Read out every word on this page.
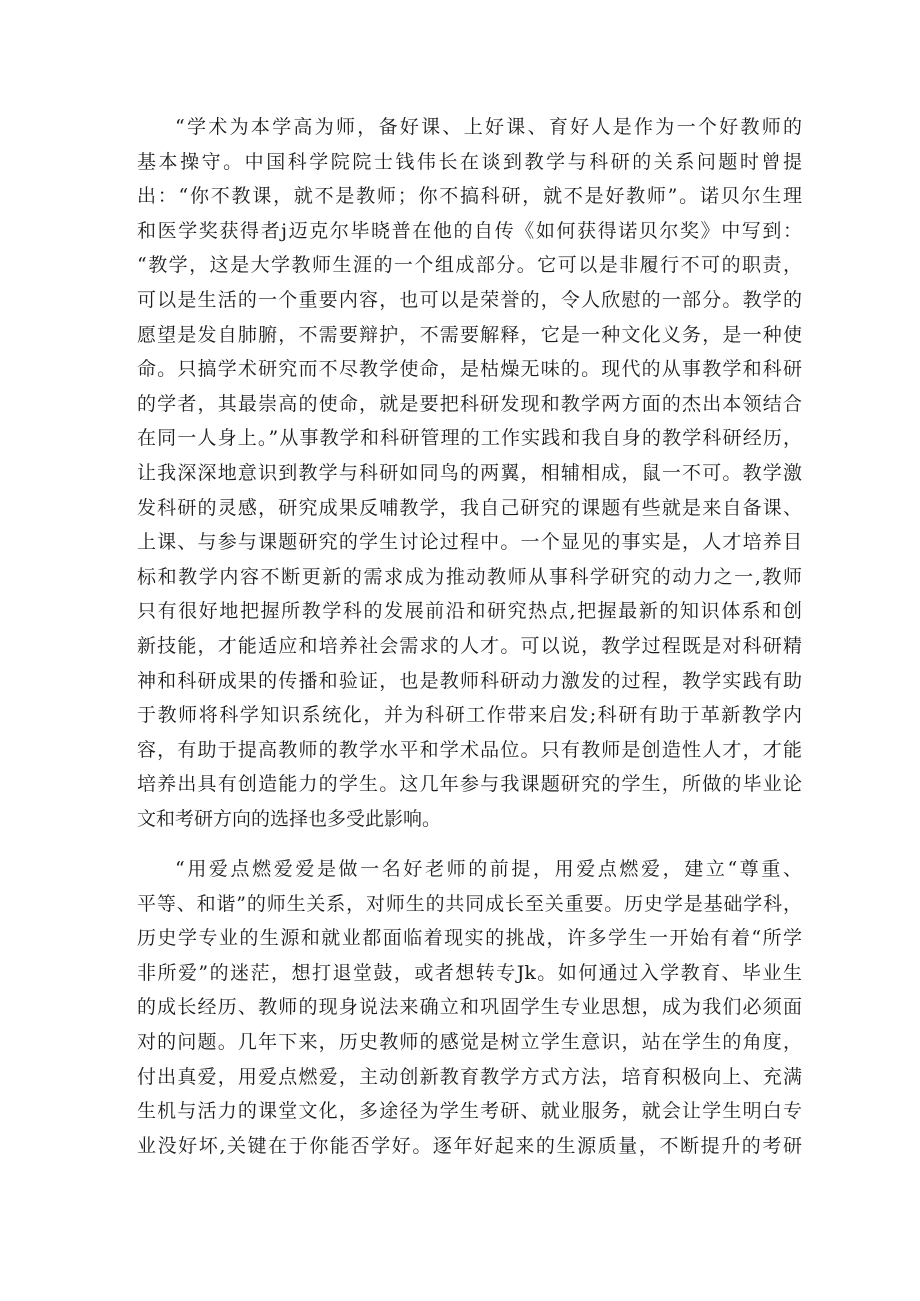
“学术为本学高为师，备好课、上好课、育好人是作为一个好教师的
基本操守。中国科学院院士钱伟长在谈到教学与科研的关系问题时曾提
出：“你不教课，就不是教师；你不搞科研，就不是好教师”。诺贝尔生理
和医学奖获得者j迈克尔毕晓普在他的自传《如何获得诺贝尔奖》中写到：
“教学，这是大学教师生涯的一个组成部分。它可以是非履行不可的职责，
可以是生活的一个重要内容，也可以是荣誉的，令人欣慰的一部分。教学的
愿望是发自肺腑，不需要辩护，不需要解释，它是一种文化义务，是一种使
命。只搞学术研究而不尽教学使命，是枯燥无味的。现代的从事教学和科研
的学者，其最崇高的使命，就是要把科研发现和教学两方面的杰出本领结合
在同一人身上。”从事教学和科研管理的工作实践和我自身的教学科研经历，
让我深深地意识到教学与科研如同鸟的两翼，相辅相成，鼠一不可。教学激
发科研的灵感，研究成果反哺教学，我自己研究的课题有些就是来自备课、
上课、与参与课题研究的学生讨论过程中。一个显见的事实是，人才培养目
标和教学内容不断更新的需求成为推动教师从事科学研究的动力之一,教师
只有很好地把握所教学科的发展前沿和研究热点,把握最新的知识体系和创
新技能，才能适应和培养社会需求的人才。可以说，教学过程既是对科研精
神和科研成果的传播和验证，也是教师科研动力激发的过程，教学实践有助
于教师将科学知识系统化，并为科研工作带来启发;科研有助于革新教学内
容，有助于提高教师的教学水平和学术品位。只有教师是创造性人才，才能
培养出具有创造能力的学生。这几年参与我课题研究的学生，所做的毕业论
文和考研方向的选择也多受此影响。
“用爱点燃爱爱是做一名好老师的前提，用爱点燃爱，建立“尊重、
平等、和谐”的师生关系，对师生的共同成长至关重要。历史学是基础学科，
历史学专业的生源和就业都面临着现实的挑战，许多学生一开始有着“所学
非所爱”的迷茫，想打退堂鼓，或者想转专Jk。如何通过入学教育、毕业生
的成长经历、教师的现身说法来确立和巩固学生专业思想，成为我们必须面
对的问题。几年下来，历史教师的感觉是树立学生意识，站在学生的角度，
付出真爱，用爱点燃爱，主动创新教育教学方式方法，培育积极向上、充满
生机与活力的课堂文化，多途径为学生考研、就业服务，就会让学生明白专
业没好坏,关键在于你能否学好。逐年好起来的生源质量，不断提升的考研
